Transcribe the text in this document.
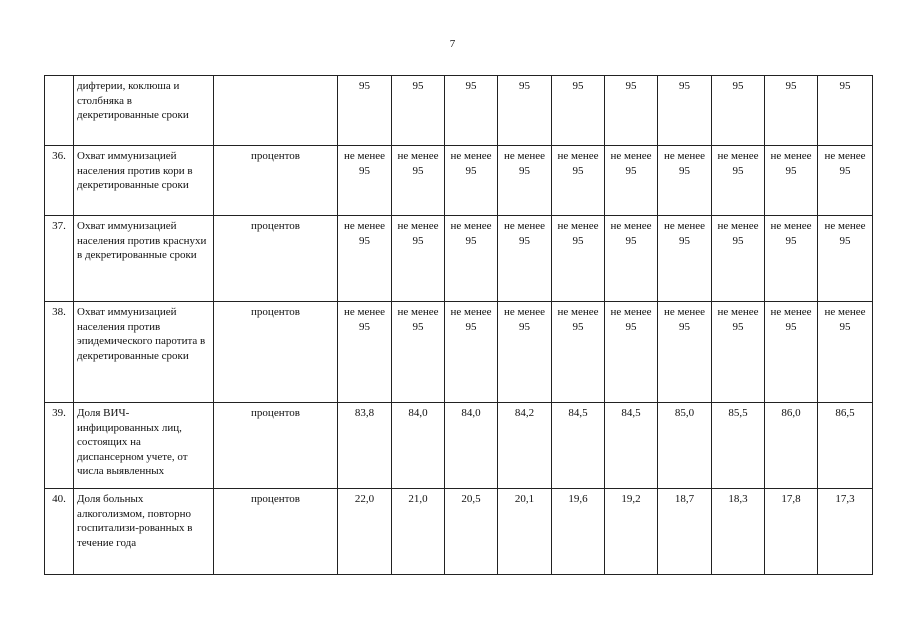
7
	дифтерии, коклюша и столбняка в декретированные сроки		95	95	95	95	95	95	95	95	95	95
36.	Охват иммунизацией населения против кори в декретированные сроки	процентов	не менее 95	не менее 95	не менее 95	не менее 95	не менее 95	не менее 95	не менее 95	не менее 95	не менее 95	не менее 95
37.	Охват иммунизацией населения против краснухи в декретированные сроки	процентов	не менее 95	не менее 95	не менее 95	не менее 95	не менее 95	не менее 95	не менее 95	не менее 95	не менее 95	не менее 95
38.	Охват иммунизацией населения против эпидемического паротита в декретированные сроки	процентов	не менее 95	не менее 95	не менее 95	не менее 95	не менее 95	не менее 95	не менее 95	не менее 95	не менее 95	не менее 95
39.	Доля ВИЧ-инфицированных лиц, состоящих на диспансерном учете, от числа выявленных	процентов	83,8	84,0	84,0	84,2	84,5	84,5	85,0	85,5	86,0	86,5
40.	Доля больных алкоголизмом, повторно госпитализи-рованных в течение года	процентов	22,0	21,0	20,5	20,1	19,6	19,2	18,7	18,3	17,8	17,3
